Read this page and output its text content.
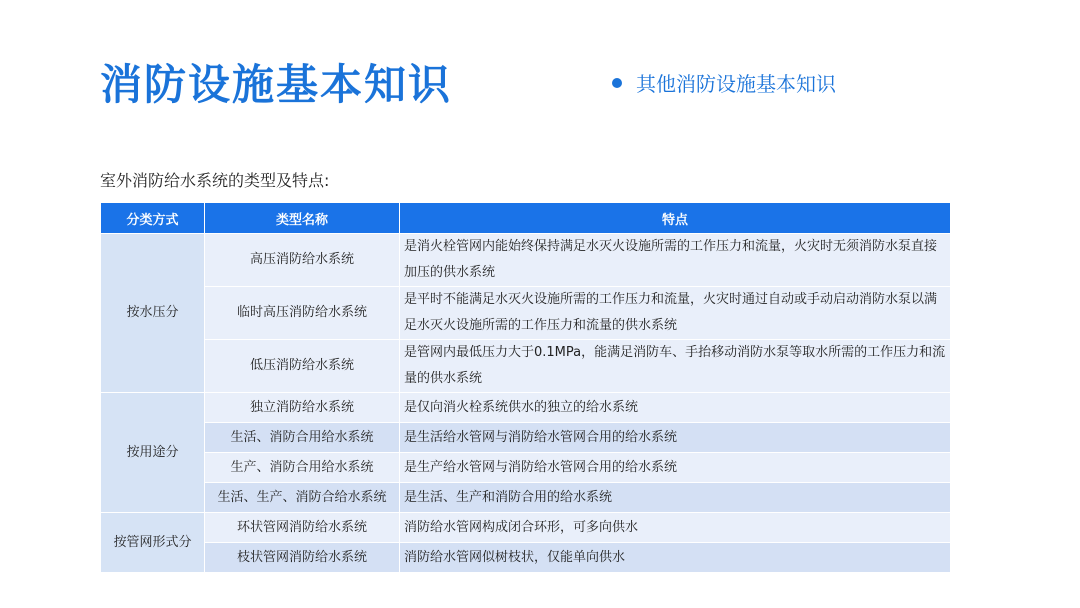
消防设施基本知识	其他消防设施基本知识
室外消防给水系统的类型及特点:
分类方式	类型名称	特点
按水压分	高压消防给水系统	是消火栓管网内能始终保持满足水灭火设施所需的工作压力和流量，火灾时无须消防水泵直接加压的供水系统
	临时高压消防给水系统	是平时不能满足水灭火设施所需的工作压力和流量，火灾时通过自动或手动启动消防水泵以满足水灭火设施所需的工作压力和流量的供水系统
	低压消防给水系统	是管网内最低压力大于0.1MPa，能满足消防车、手抬移动消防水泵等取水所需的工作压力和流量的供水系统
按用途分	独立消防给水系统	是仅向消火栓系统供水的独立的给水系统
	生活、消防合用给水系统	是生活给水管网与消防给水管网合用的给水系统
	生产、消防合用给水系统	是生产给水管网与消防给水管网合用的给水系统
	生活、生产、消防合给水系统	是生活、生产和消防合用的给水系统
按管网形式分	环状管网消防给水系统	消防给水管网构成闭合环形，可多向供水
	枝状管网消防给水系统	消防给水管网似树枝状，仅能单向供水
